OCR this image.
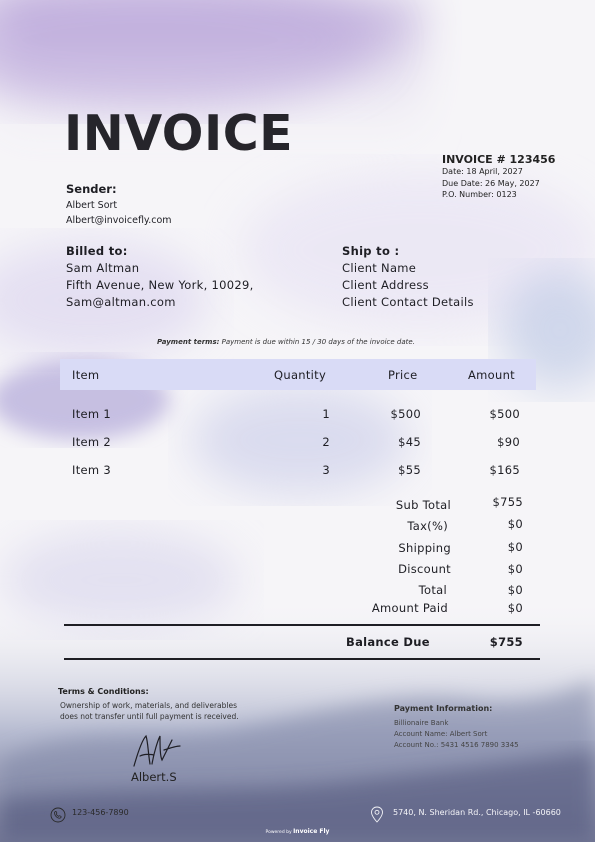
INVOICE	INVOICE # 123456
Date: 18 April, 2027
Due Date: 26 May, 2027
P.O. Number: 0123
Sender:
Albert Sort
Albert@invoicefly.com
Billed to:
Sam Altman
Fifth Avenue, New York, 10029,
Sam@altman.com
Ship to :
Client Name
Client Address
Client Contact Details
Payment terms: Payment is due within 15 / 30 days of the invoice date.
Item	Quantity	Price	Amount
Item 1	1	$500	$500
Item 2	2	$45	$90
Item 3	3	$55	$165
Sub Total	$755
Tax(%)	$0
Shipping	$0
Discount	$0
Total	$0
Amount Paid	$0
Balance Due	$755
Terms & Conditions:
Ownership of work, materials, and deliverables
does not transfer until full payment is received.
Payment Information:
Billionaire Bank
Account Name: Albert Sort
Account No.: 5431 4516 7890 3345
Albert.S
123-456-7890	5740, N. Sheridan Rd., Chicago, IL -60660
Powered by Invoice Fly
